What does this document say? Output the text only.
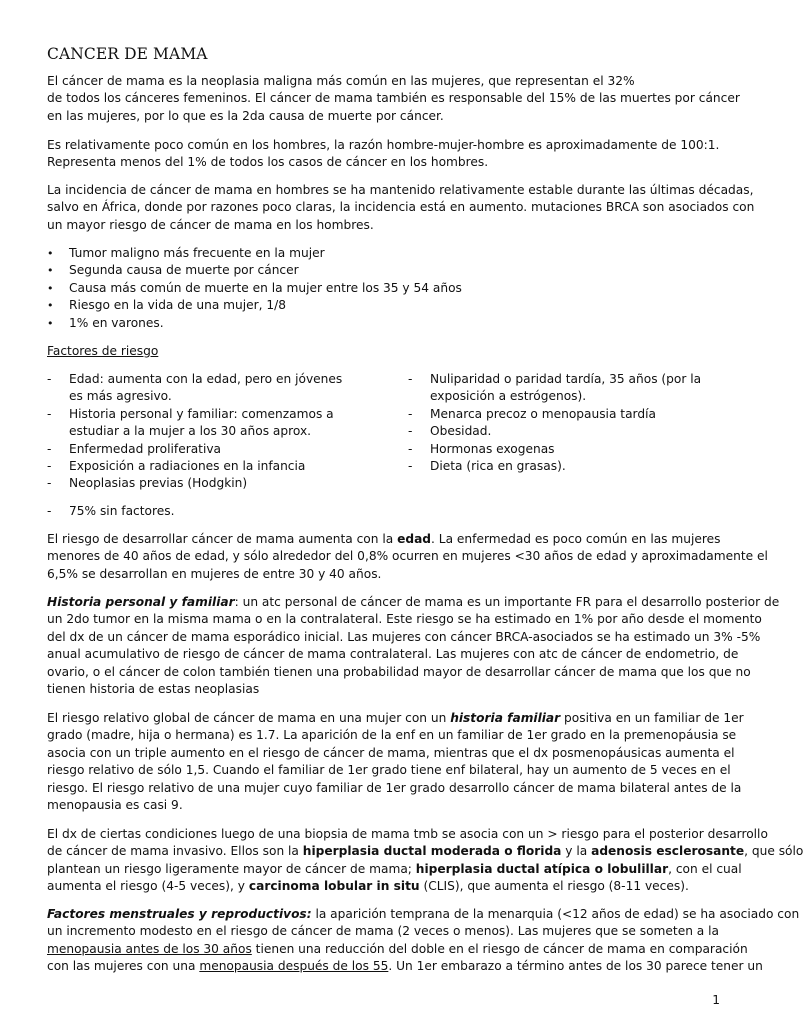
CANCER DE MAMA
El cáncer de mama es la neoplasia maligna más común en las mujeres, que representan el 32%
de todos los cánceres femeninos. El cáncer de mama también es responsable del 15% de las muertes por cáncer
en las mujeres, por lo que es la 2da causa de muerte por cáncer.
Es relativamente poco común en los hombres, la razón hombre-mujer-hombre es aproximadamente de 100:1.
Representa menos del 1% de todos los casos de cáncer en los hombres.
La incidencia de cáncer de mama en hombres se ha mantenido relativamente estable durante las últimas décadas,
salvo en África, donde por razones poco claras, la incidencia está en aumento. mutaciones BRCA son asociados con
un mayor riesgo de cáncer de mama en los hombres.
• Tumor maligno más frecuente en la mujer
• Segunda causa de muerte por cáncer
• Causa más común de muerte en la mujer entre los 35 y 54 años
• Riesgo en la vida de una mujer, 1/8
• 1% en varones.
Factores de riesgo
- Edad: aumenta con la edad, pero en jóvenes es más agresivo.
- Historia personal y familiar: comenzamos a estudiar a la mujer a los 30 años aprox.
- Enfermedad proliferativa
- Exposición a radiaciones en la infancia
- Neoplasias previas (Hodgkin)
- Nuliparidad o paridad tardía, 35 años (por la exposición a estrógenos).
- Menarca precoz o menopausia tardía
- Obesidad.
- Hormonas exogenas
- Dieta (rica en grasas).
- 75% sin factores.
El riesgo de desarrollar cáncer de mama aumenta con la edad. La enfermedad es poco común en las mujeres
menores de 40 años de edad, y sólo alrededor del 0,8% ocurren en mujeres <30 años de edad y aproximadamente el
6,5% se desarrollan en mujeres de entre 30 y 40 años.
Historia personal y familiar: un atc personal de cáncer de mama es un importante FR para el desarrollo posterior de
un 2do tumor en la misma mama o en la contralateral. Este riesgo se ha estimado en 1% por año desde el momento
del dx de un cáncer de mama esporádico inicial. Las mujeres con cáncer BRCA-asociados se ha estimado un 3% -5%
anual acumulativo de riesgo de cáncer de mama contralateral. Las mujeres con atc de cáncer de endometrio, de
ovario, o el cáncer de colon también tienen una probabilidad mayor de desarrollar cáncer de mama que los que no
tienen historia de estas neoplasias
El riesgo relativo global de cáncer de mama en una mujer con un historia familiar positiva en un familiar de 1er
grado (madre, hija o hermana) es 1.7. La aparición de la enf en un familiar de 1er grado en la premenopáusia se
asocia con un triple aumento en el riesgo de cáncer de mama, mientras que el dx posmenopáusicas aumenta el
riesgo relativo de sólo 1,5. Cuando el familiar de 1er grado tiene enf bilateral, hay un aumento de 5 veces en el
riesgo. El riesgo relativo de una mujer cuyo familiar de 1er grado desarrollo cáncer de mama bilateral antes de la
menopausia es casi 9.
El dx de ciertas condiciones luego de una biopsia de mama tmb se asocia con un > riesgo para el posterior desarrollo
de cáncer de mama invasivo. Ellos son la hiperplasia ductal moderada o florida y la adenosis esclerosante, que sólo
plantean un riesgo ligeramente mayor de cáncer de mama; hiperplasia ductal atípica o lobulillar, con el cual
aumenta el riesgo (4-5 veces), y carcinoma lobular in situ (CLIS), que aumenta el riesgo (8-11 veces).
Factores menstruales y reproductivos: la aparición temprana de la menarquia (<12 años de edad) se ha asociado con
un incremento modesto en el riesgo de cáncer de mama (2 veces o menos). Las mujeres que se someten a la
menopausia antes de los 30 años tienen una reducción del doble en el riesgo de cáncer de mama en comparación
con las mujeres con una menopausia después de los 55. Un 1er embarazo a término antes de los 30 parece tener un
1
